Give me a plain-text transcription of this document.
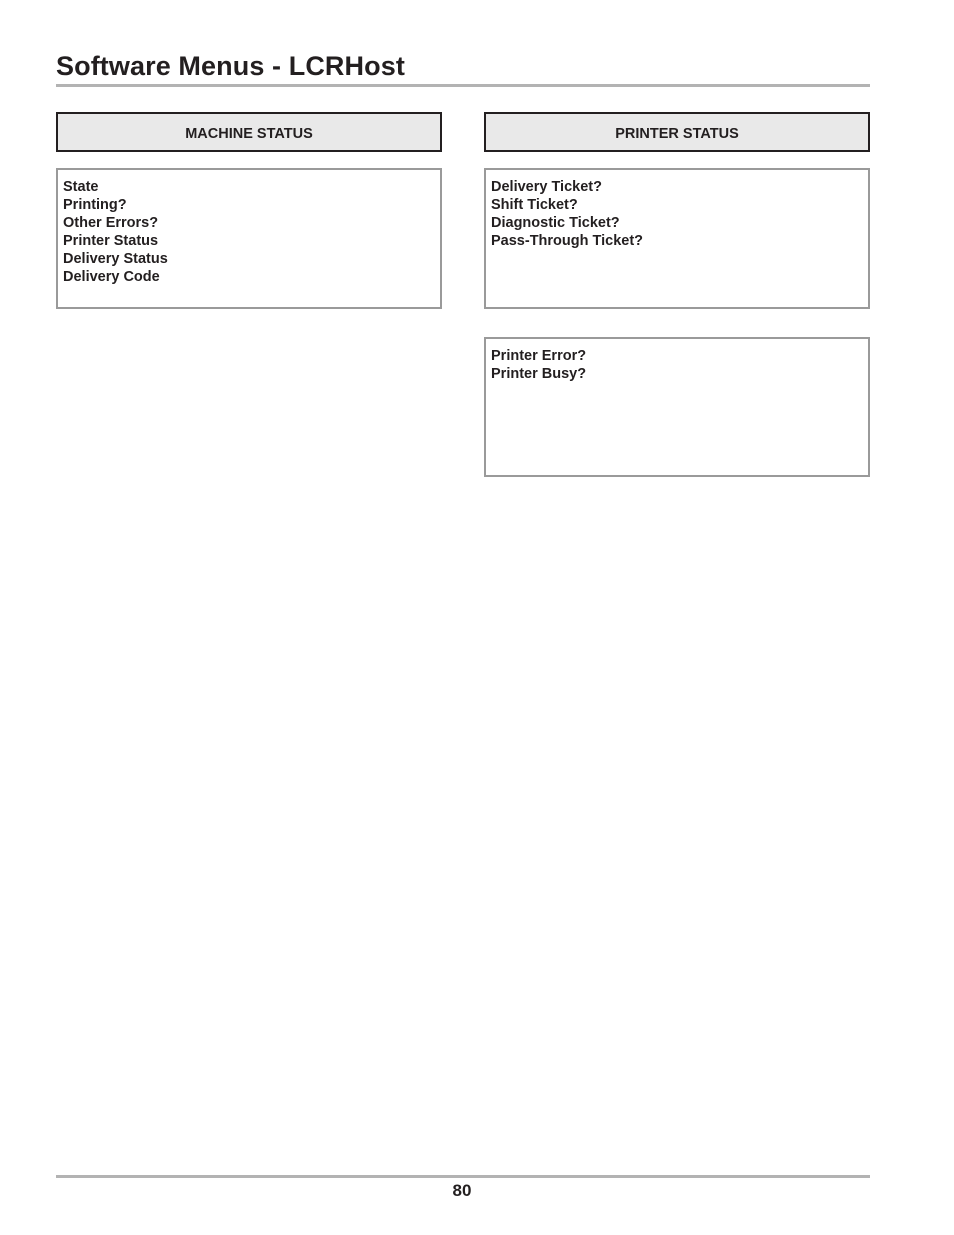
Software Menus - LCRHost
MACHINE STATUS
State
Printing?
Other Errors?
Printer Status
Delivery Status
Delivery Code
PRINTER STATUS
Delivery Ticket?
Shift Ticket?
Diagnostic Ticket?
Pass-Through Ticket?
Printer Error?
Printer Busy?
80
